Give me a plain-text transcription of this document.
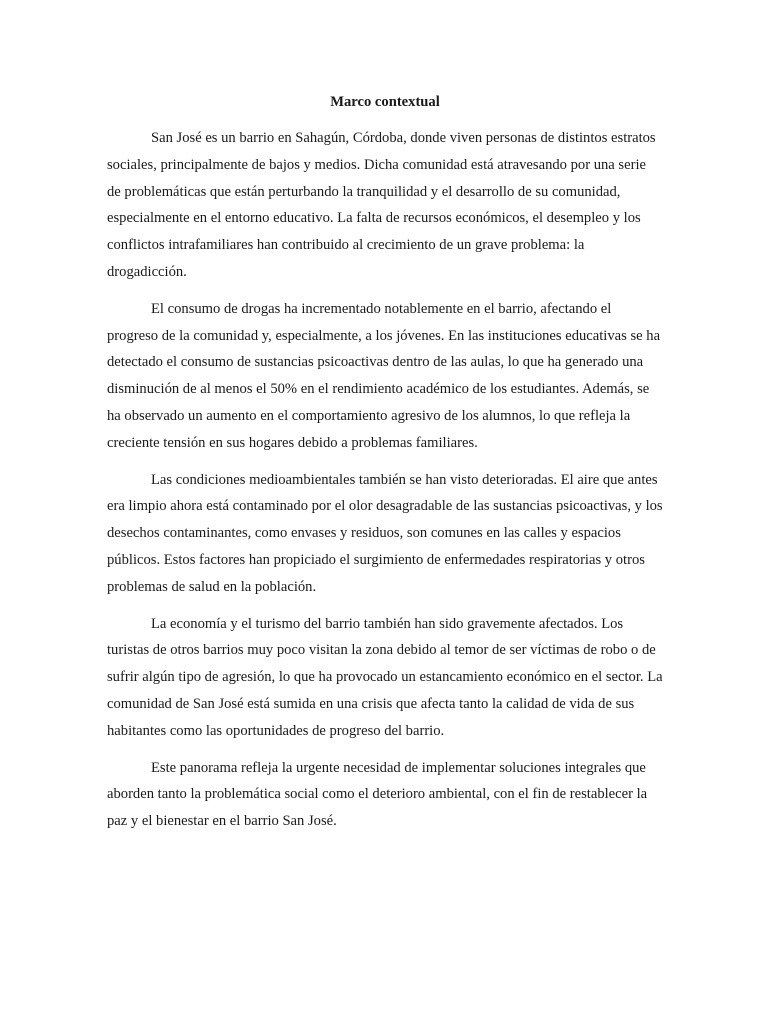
Marco contextual

San José es un barrio en Sahagún, Córdoba, donde viven personas de distintos estratos sociales, principalmente de bajos y medios. Dicha comunidad está atravesando por una serie de problemáticas que están perturbando la tranquilidad y el desarrollo de su comunidad, especialmente en el entorno educativo. La falta de recursos económicos, el desempleo y los conflictos intrafamiliares han contribuido al crecimiento de un grave problema: la drogadicción.

El consumo de drogas ha incrementado notablemente en el barrio, afectando el progreso de la comunidad y, especialmente, a los jóvenes. En las instituciones educativas se ha detectado el consumo de sustancias psicoactivas dentro de las aulas, lo que ha generado una disminución de al menos el 50% en el rendimiento académico de los estudiantes. Además, se ha observado un aumento en el comportamiento agresivo de los alumnos, lo que refleja la creciente tensión en sus hogares debido a problemas familiares.

Las condiciones medioambientales también se han visto deterioradas. El aire que antes era limpio ahora está contaminado por el olor desagradable de las sustancias psicoactivas, y los desechos contaminantes, como envases y residuos, son comunes en las calles y espacios públicos. Estos factores han propiciado el surgimiento de enfermedades respiratorias y otros problemas de salud en la población.

La economía y el turismo del barrio también han sido gravemente afectados. Los turistas de otros barrios muy poco visitan la zona debido al temor de ser víctimas de robo o de sufrir algún tipo de agresión, lo que ha provocado un estancamiento económico en el sector. La comunidad de San José está sumida en una crisis que afecta tanto la calidad de vida de sus habitantes como las oportunidades de progreso del barrio.

Este panorama refleja la urgente necesidad de implementar soluciones integrales que aborden tanto la problemática social como el deterioro ambiental, con el fin de restablecer la paz y el bienestar en el barrio San José.
